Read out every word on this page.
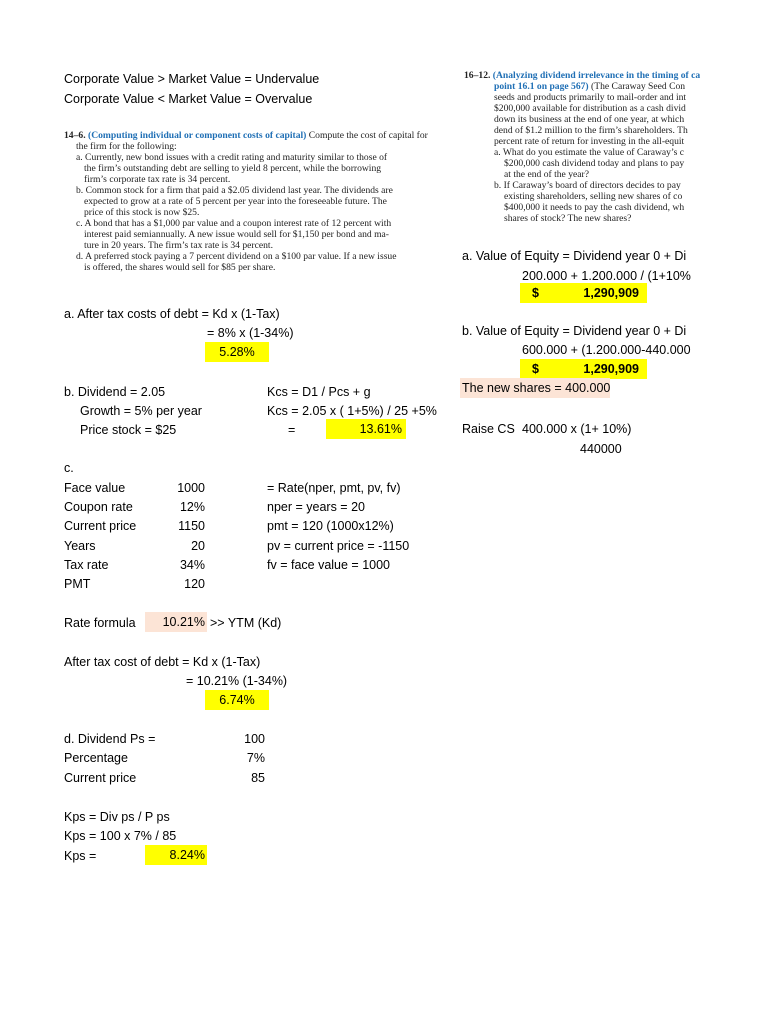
Corporate Value > Market Value = Undervalue
Corporate Value < Market Value = Overvalue
14–6. (Computing individual or component costs of capital) Compute the cost of capital for
the firm for the following:
a. Currently, new bond issues with a credit rating and maturity similar to those of
the firm’s outstanding debt are selling to yield 8 percent, while the borrowing
firm’s corporate tax rate is 34 percent.
b. Common stock for a firm that paid a $2.05 dividend last year. The dividends are
expected to grow at a rate of 5 percent per year into the foreseeable future. The
price of this stock is now $25.
c. A bond that has a $1,000 par value and a coupon interest rate of 12 percent with
interest paid semiannually. A new issue would sell for $1,150 per bond and ma-
ture in 20 years. The firm’s tax rate is 34 percent.
d. A preferred stock paying a 7 percent dividend on a $100 par value. If a new issue
is offered, the shares would sell for $85 per share.
16–12. (Analyzing dividend irrelevance in the timing of ca
point 16.1 on page 567) (The Caraway Seed Con
seeds and products primarily to mail-order and int
$200,000 available for distribution as a cash divid
down its business at the end of one year, at which
dend of $1.2 million to the firm’s shareholders. Th
percent rate of return for investing in the all-equit
a. What do you estimate the value of Caraway’s c
$200,000 cash dividend today and plans to pay
at the end of the year?
b. If Caraway’s board of directors decides to pay
existing shareholders, selling new shares of co
$400,000 it needs to pay the cash dividend, wh
shares of stock? The new shares?
a. After tax costs of debt = Kd x (1-Tax)
= 8% x (1-34%)
5.28%
b. Dividend = 2.05
Growth = 5% per year
Price stock = $25
Kcs = D1 / Pcs + g
Kcs = 2.05 x ( 1+5%) / 25 +5%
=	13.61%
c.
Face value	1000	= Rate(nper, pmt, pv, fv)
Coupon rate	12%	nper = years = 20
Current price	1150	pmt = 120 (1000x12%)
Years	20	pv = current price = -1150
Tax rate	34%	fv = face value = 1000
PMT	120
Rate formula	10.21% >> YTM (Kd)
After tax cost of debt = Kd x (1-Tax)
= 10.21% (1-34%)
6.74%
d. Dividend Ps =	100
Percentage	7%
Current price	85
Kps = Div ps / P ps
Kps = 100 x 7% / 85
Kps =	8.24%
a. Value of Equity = Dividend year 0 + Di
200.000 + 1.200.000 / (1+10%
$	1,290,909
b. Value of Equity = Dividend year 0 + Di
600.000 + (1.200.000-440.000
$	1,290,909
The new shares = 400.000
Raise CS 400.000 x (1+ 10%)
440000
